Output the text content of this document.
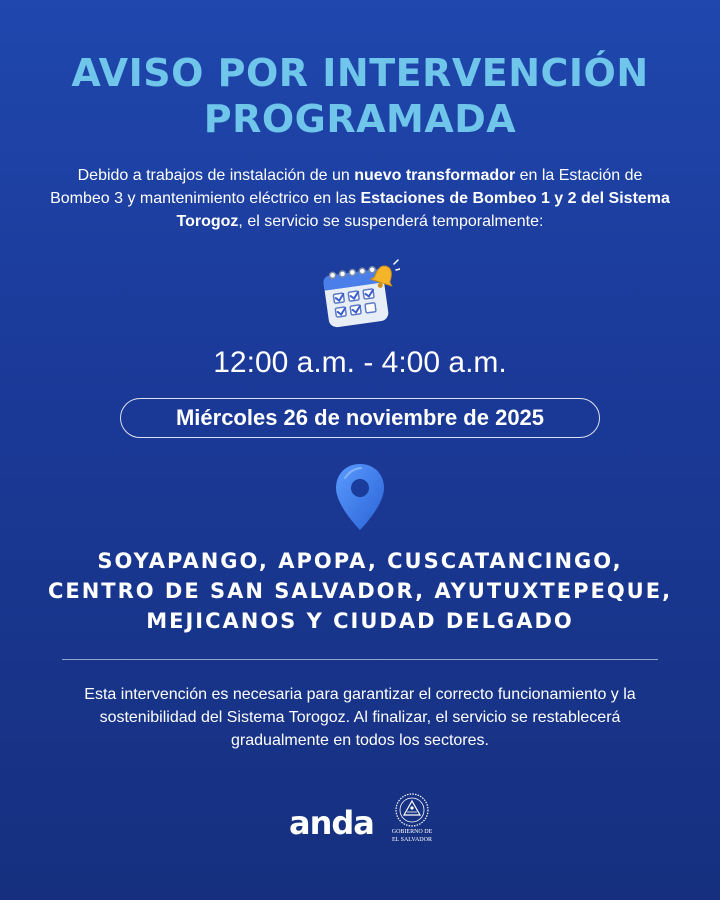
AVISO POR INTERVENCIÓN
PROGRAMADA

Debido a trabajos de instalación de un nuevo transformador en la Estación de Bombeo 3 y mantenimiento eléctrico en las Estaciones de Bombeo 1 y 2 del Sistema Torogoz, el servicio se suspenderá temporalmente:

12:00 a.m. - 4:00 a.m.
Miércoles 26 de noviembre de 2025
SOYAPANGO, APOPA, CUSCATANCINGO,
CENTRO DE SAN SALVADOR, AYUTUXTEPEQUE,
MEJICANOS Y CIUDAD DELGADO

Esta intervención es necesaria para garantizar el correcto funcionamiento y la sostenibilidad del Sistema Torogoz. Al finalizar, el servicio se restablecerá gradualmente en todos los sectores.

anda	GOBIERNO DE
EL SALVADOR
